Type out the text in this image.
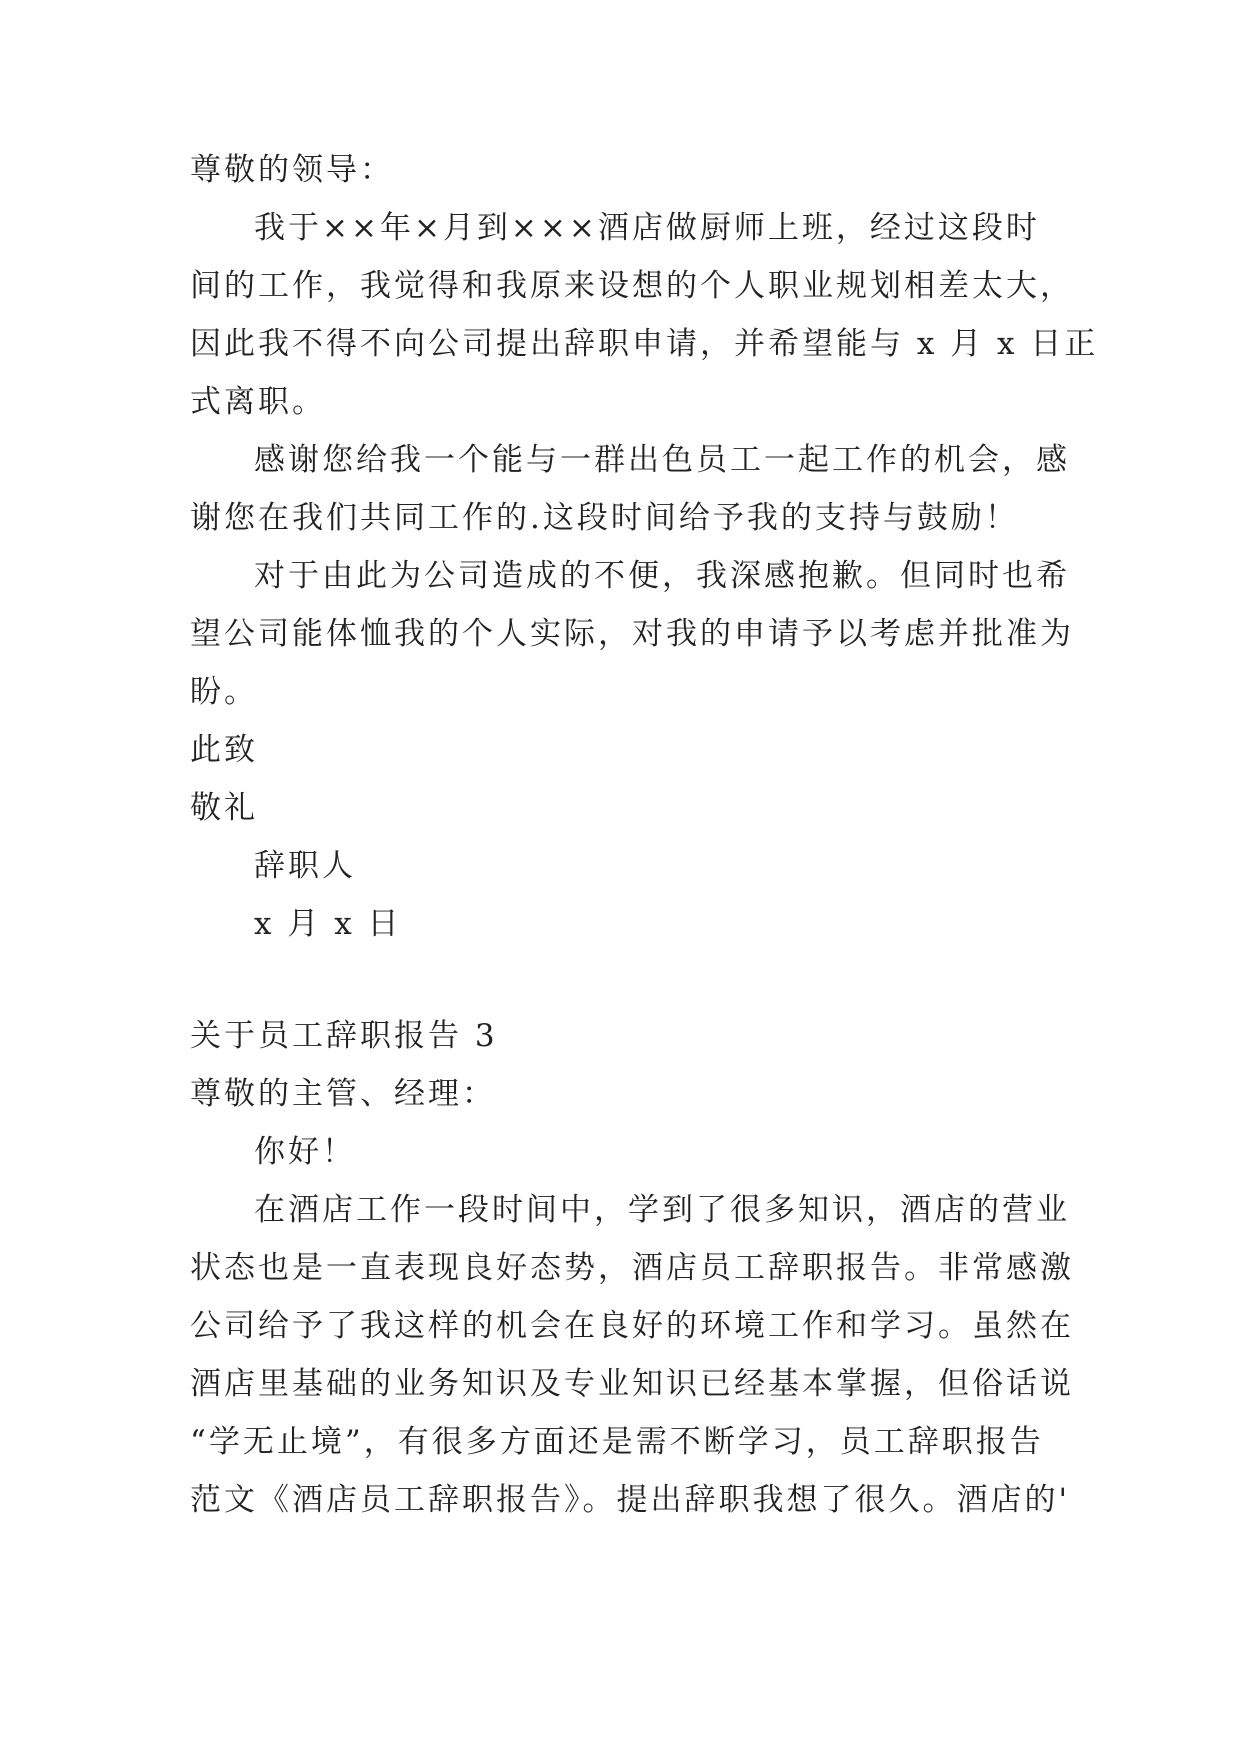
尊敬的领导：
我于××年×月到×××酒店做厨师上班，经过这段时
间的工作，我觉得和我原来设想的个人职业规划相差太大，
因此我不得不向公司提出辞职申请，并希望能与 x 月 x 日正
式离职。
感谢您给我一个能与一群出色员工一起工作的机会，感
谢您在我们共同工作的.这段时间给予我的支持与鼓励！
对于由此为公司造成的不便，我深感抱歉。但同时也希
望公司能体恤我的个人实际，对我的申请予以考虑并批准为
盼。
此致
敬礼
辞职人
x 月 x 日
关于员工辞职报告 3
尊敬的主管、经理：
你好！
在酒店工作一段时间中，学到了很多知识，酒店的营业
状态也是一直表现良好态势，酒店员工辞职报告。非常感激
公司给予了我这样的机会在良好的环境工作和学习。虽然在
酒店里基础的业务知识及专业知识已经基本掌握，但俗话说
“学无止境”，有很多方面还是需不断学习，员工辞职报告
范文《酒店员工辞职报告》。提出辞职我想了很久。酒店的'
